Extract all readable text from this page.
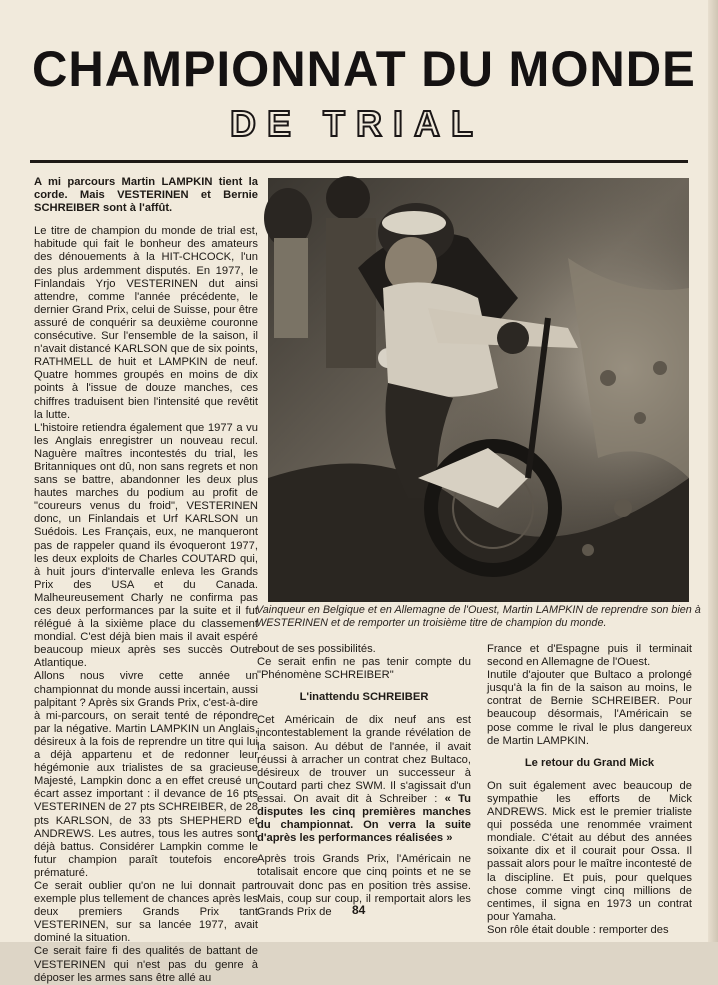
CHAMPIONNAT DU MONDE
DE TRIAL

A mi parcours Martin LAMPKIN tient la corde. Mais VESTERINEN et Bernie SCHREIBER sont à l'affût.

Le titre de champion du monde de trial est, habitude qui fait le bonheur des amateurs des dénouements à la HIT-CHCOCK, l'un des plus ardemment disputés. En 1977, le Finlandais Yrjo VESTERINEN dut ainsi attendre, comme l'année précédente, le dernier Grand Prix, celui de Suisse, pour être assuré de conquérir sa deuxième couronne consécutive. Sur l'ensemble de la saison, il n'avait distancé KARLSON que de six points, RATHMELL de huit et LAMPKIN de neuf. Quatre hommes groupés en moins de dix points à l'issue de douze manches, ces chiffres traduisent bien l'intensité que revêtit la lutte.

L'histoire retiendra également que 1977 a vu les Anglais enregistrer un nouveau recul. Naguère maîtres incontestés du trial, les Britanniques ont dû, non sans regrets et non sans se battre, abandonner les deux plus hautes marches du podium au profit de "coureurs venus du froid", VESTERINEN donc, un Finlandais et Urf KARLSON un Suédois. Les Français, eux, ne manqueront pas de rappeler quand ils évoqueront 1977, les deux exploits de Charles COUTARD qui, à huit jours d'intervalle enleva les Grands Prix des USA et du Canada. Malheureusement Charly ne confirma pas ces deux performances par la suite et il fut rélégué à la sixième place du classement mondial. C'est déjà bien mais il avait espéré beaucoup mieux après ses succès Outre Atlantique.

Allons nous vivre cette année un championnat du monde aussi incertain, aussi palpitant ? Après six Grands Prix, c'est-à-dire à mi-parcours, on serait tenté de répondre par la négative. Martin LAMPKIN un Anglais, désireux à la fois de reprendre un titre qui lui a déjà appartenu et de redonner leur hégémonie aux trialistes de sa gracieuse Majesté, Lampkin donc a en effet creusé un écart assez important : il devance de 16 pts VESTERINEN de 27 pts SCHREIBER, de 28 pts KARLSON, de 33 pts SHEPHERD et ANDREWS. Les autres, tous les autres sont déjà battus. Considérer Lampkin comme le futur champion paraît toutefois encore prématuré.

Ce serait oublier qu'on ne lui donnait par exemple plus tellement de chances après les deux premiers Grands Prix tant VESTERINEN, sur sa lancée 1977, avait dominé la situation.

Ce serait faire fi des qualités de battant de VESTERINEN qui n'est pas du genre à déposer les armes sans être allé au

Vainqueur en Belgique et en Allemagne de l'Ouest, Martin LAMPKIN de reprendre son bien à WESTERINEN et de remporter un troisième titre de champion du monde.

bout de ses possibilités.

Ce serait enfin ne pas tenir compte du "Phénomène SCHREIBER"

L'inattendu SCHREIBER

Cet Américain de dix neuf ans est incontestablement la grande révélation de la saison. Au début de l'année, il avait réussi à arracher un contrat chez Bultaco, désireux de trouver un successeur à Coutard parti chez SWM. Il s'agissait d'un essai. On avait dit à Schreiber : « Tu disputes les cinq premières manches du championnat. On verra la suite d'après les performances réalisées »

Après trois Grands Prix, l'Américain ne totalisait encore que cinq points et ne se trouvait donc pas en position très assise. Mais, coup sur coup, il remportait alors les Grands Prix de

France et d'Espagne puis il terminait second en Allemagne de l'Ouest.

Inutile d'ajouter que Bultaco a prolongé jusqu'à la fin de la saison au moins, le contrat de Bernie SCHREIBER. Pour beaucoup désormais, l'Américain se pose comme le rival le plus dangereux de Martin LAMPKIN.

Le retour du Grand Mick

On suit également avec beaucoup de sympathie les efforts de Mick ANDREWS. Mick est le premier trialiste qui posséda une renommée vraiment mondiale. C'était au début des années soixante dix et il courait pour Ossa. Il passait alors pour le maître incontesté de la discipline. Et puis, pour quelques chose comme vingt cinq millions de centimes, il signa en 1973 un contrat pour Yamaha.

Son rôle était double : remporter des

84
